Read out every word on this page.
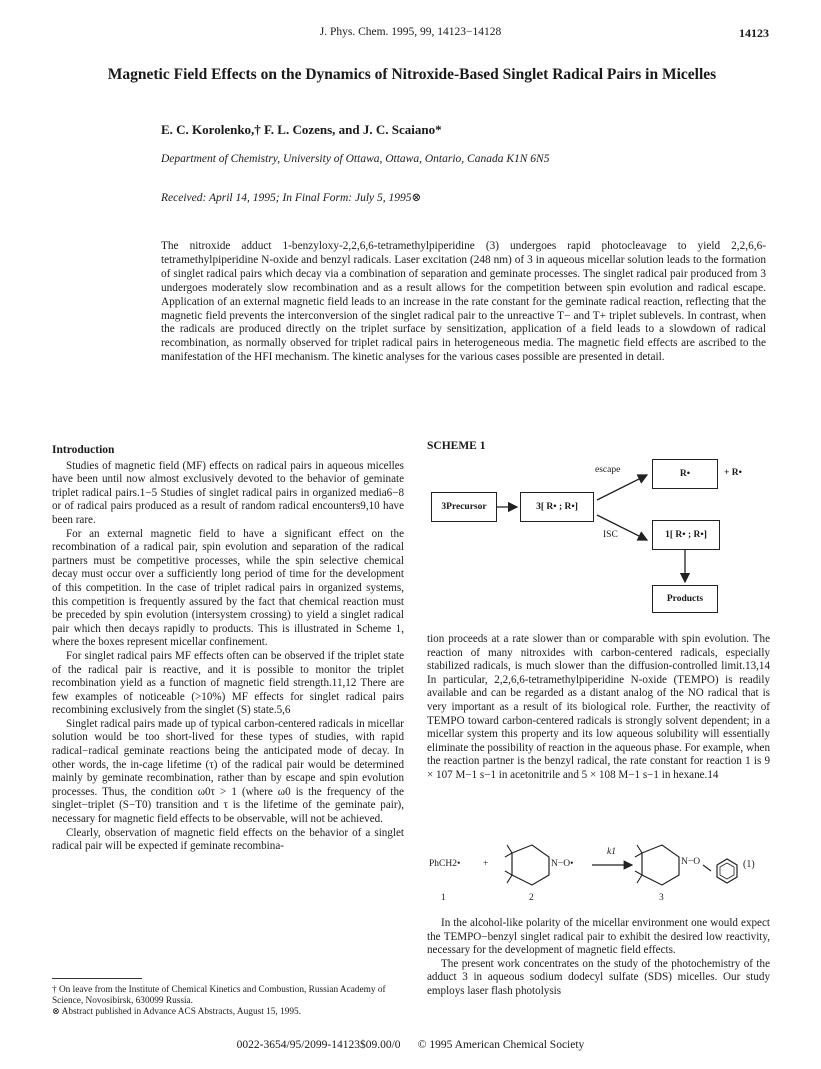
J. Phys. Chem. 1995, 99, 14123−14128	14123
Magnetic Field Effects on the Dynamics of Nitroxide-Based Singlet Radical Pairs in Micelles
E. C. Korolenko,† F. L. Cozens, and J. C. Scaiano*
Department of Chemistry, University of Ottawa, Ottawa, Ontario, Canada K1N 6N5
Received: April 14, 1995; In Final Form: July 5, 1995⊗
The nitroxide adduct 1-benzyloxy-2,2,6,6-tetramethylpiperidine (3) undergoes rapid photocleavage to yield 2,2,6,6-tetramethylpiperidine N-oxide and benzyl radicals. Laser excitation (248 nm) of 3 in aqueous micellar solution leads to the formation of singlet radical pairs which decay via a combination of separation and geminate processes. The singlet radical pair produced from 3 undergoes moderately slow recombination and as a result allows for the competition between spin evolution and radical escape. Application of an external magnetic field leads to an increase in the rate constant for the geminate radical reaction, reflecting that the magnetic field prevents the interconversion of the singlet radical pair to the unreactive T− and T+ triplet sublevels. In contrast, when the radicals are produced directly on the triplet surface by sensitization, application of a field leads to a slowdown of radical recombination, as normally observed for triplet radical pairs in heterogeneous media. The magnetic field effects are ascribed to the manifestation of the HFI mechanism. The kinetic analyses for the various cases possible are presented in detail.
Introduction

Studies of magnetic field (MF) effects on radical pairs in aqueous micelles have been until now almost exclusively devoted to the behavior of geminate triplet radical pairs.1−5 Studies of singlet radical pairs in organized media6−8 or of radical pairs produced as a result of random radical encounters9,10 have been rare.

For an external magnetic field to have a significant effect on the recombination of a radical pair, spin evolution and separation of the radical partners must be competitive processes, while the spin selective chemical decay must occur over a sufficiently long period of time for the development of this competition. In the case of triplet radical pairs in organized systems, this competition is frequently assured by the fact that chemical reaction must be preceded by spin evolution (intersystem crossing) to yield a singlet radical pair which then decays rapidly to products. This is illustrated in Scheme 1, where the boxes represent micellar confinement.

For singlet radical pairs MF effects often can be observed if the triplet state of the radical pair is reactive, and it is possible to monitor the triplet recombination yield as a function of magnetic field strength.11,12 There are few examples of noticeable (>10%) MF effects for singlet radical pairs recombining exclusively from the singlet (S) state.5,6

Singlet radical pairs made up of typical carbon-centered radicals in micellar solution would be too short-lived for these types of studies, with rapid radical−radical geminate reactions being the anticipated mode of decay. In other words, the in-cage lifetime (τ) of the radical pair would be determined mainly by geminate recombination, rather than by escape and spin evolution processes. Thus, the condition ω0τ > 1 (where ω0 is the frequency of the singlet−triplet (S−T0) transition and τ is the lifetime of the geminate pair), necessary for magnetic field effects to be observable, will not be achieved.

Clearly, observation of magnetic field effects on the behavior of a singlet radical pair will be expected if geminate recombina-

† On leave from the Institute of Chemical Kinetics and Combustion, Russian Academy of Science, Novosibirsk, 630099 Russia.
⊗ Abstract published in Advance ACS Abstracts, August 15, 1995.
SCHEME 1
3Precursor	3[ R• ; R•]
escape
ISC
R•	+ R•
1[ R• ; R•]
Products

tion proceeds at a rate slower than or comparable with spin evolution. The reaction of many nitroxides with carbon-centered radicals, especially stabilized radicals, is much slower than the diffusion-controlled limit.13,14 In particular, 2,2,6,6-tetramethylpiperidine N-oxide (TEMPO) is readily available and can be regarded as a distant analog of the NO radical that is very important as a result of its biological role. Further, the reactivity of TEMPO toward carbon-centered radicals is strongly solvent dependent; in a micellar system this property and its low aqueous solubility will essentially eliminate the possibility of reaction in the aqueous phase. For example, when the reaction partner is the benzyl radical, the rate constant for reaction 1 is 9 × 107 M−1 s−1 in acetonitrile and 5 × 108 M−1 s−1 in hexane.14

PhCH2• +	N−O•
k1
N−O	(1)
1	2	3

In the alcohol-like polarity of the micellar environment one would expect the TEMPO−benzyl singlet radical pair to exhibit the desired low reactivity, necessary for the development of magnetic field effects.

The present work concentrates on the study of the photochemistry of the adduct 3 in aqueous sodium dodecyl sulfate (SDS) micelles. Our study employs laser flash photolysis

0022-3654/95/2099-14123$09.00/0 © 1995 American Chemical Society
